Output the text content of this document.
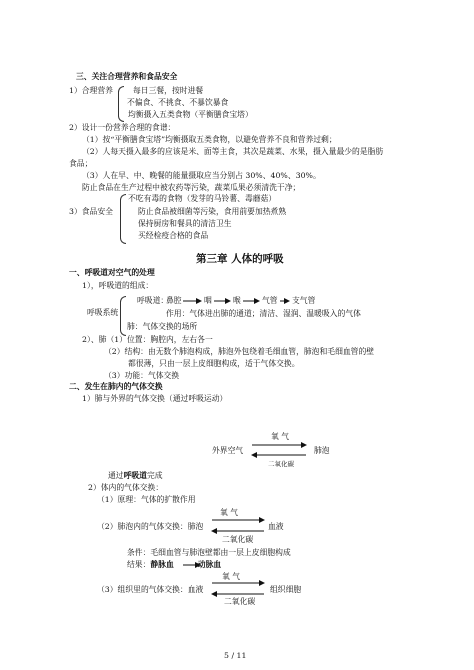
三、关注合理营养和食品安全
1）合理营养	每日三餐，按时进餐
不偏食、不挑食、不暴饮暴食
均衡摄入五类食物（平衡膳食宝塔）
2）设计一份营养合理的食谱：
（1）按“平衡膳食宝塔”均衡摄取五类食物，以避免营养不良和营养过剩；
（2）人每天摄入最多的应该是米、面等主食，其次是蔬菜、水果，摄入量最少的是脂肪
食品；
（3）人在早、中、晚餐的能量摄取应当分别占 30%、40%、30%。
防止食品在生产过程中被农药等污染，蔬菜瓜果必须清洗干净；
3）食品安全
不吃有毒的食物（发芽的马铃薯、毒蘑菇）
防止食品被细菌等污染，食用前要加热煮熟
保持厨房和餐具的清洁卫生
买经检疫合格的食品
第三章 人体的呼吸
一、呼吸道对空气的处理
1），呼吸道的组成：
呼吸系统
呼吸道：
鼻腔	咽	喉	气管 支气管
作用：气体进出肺的通道；清洁、湿润、温暖吸入的气体
肺：气体交换的场所
2）、肺（1）位置：胸腔内，左右各一
（2）结构：由无数个肺泡构成，肺泡外包绕着毛细血管，肺泡和毛细血管的壁
都很薄，只由一层上皮细胞构成，适于气体交换。
（3）功能：气体交换
二、发生在肺内的气体交换
1）肺与外界的气体交换（通过呼吸运动）
氧 气
外界空气	肺泡
二氧化碳
通过呼吸道完成
2）体内的气体交换：
（1）原理：气体的扩散作用
氧 气
（2）肺泡内的气体交换：肺泡	血液
二氧化碳
条件：毛细血管与肺泡壁都由一层上皮细胞构成
结果：静脉血	动脉血
氧 气
（3）组织里的气体交换：血液	组织细胞
二氧化碳
5 / 11
